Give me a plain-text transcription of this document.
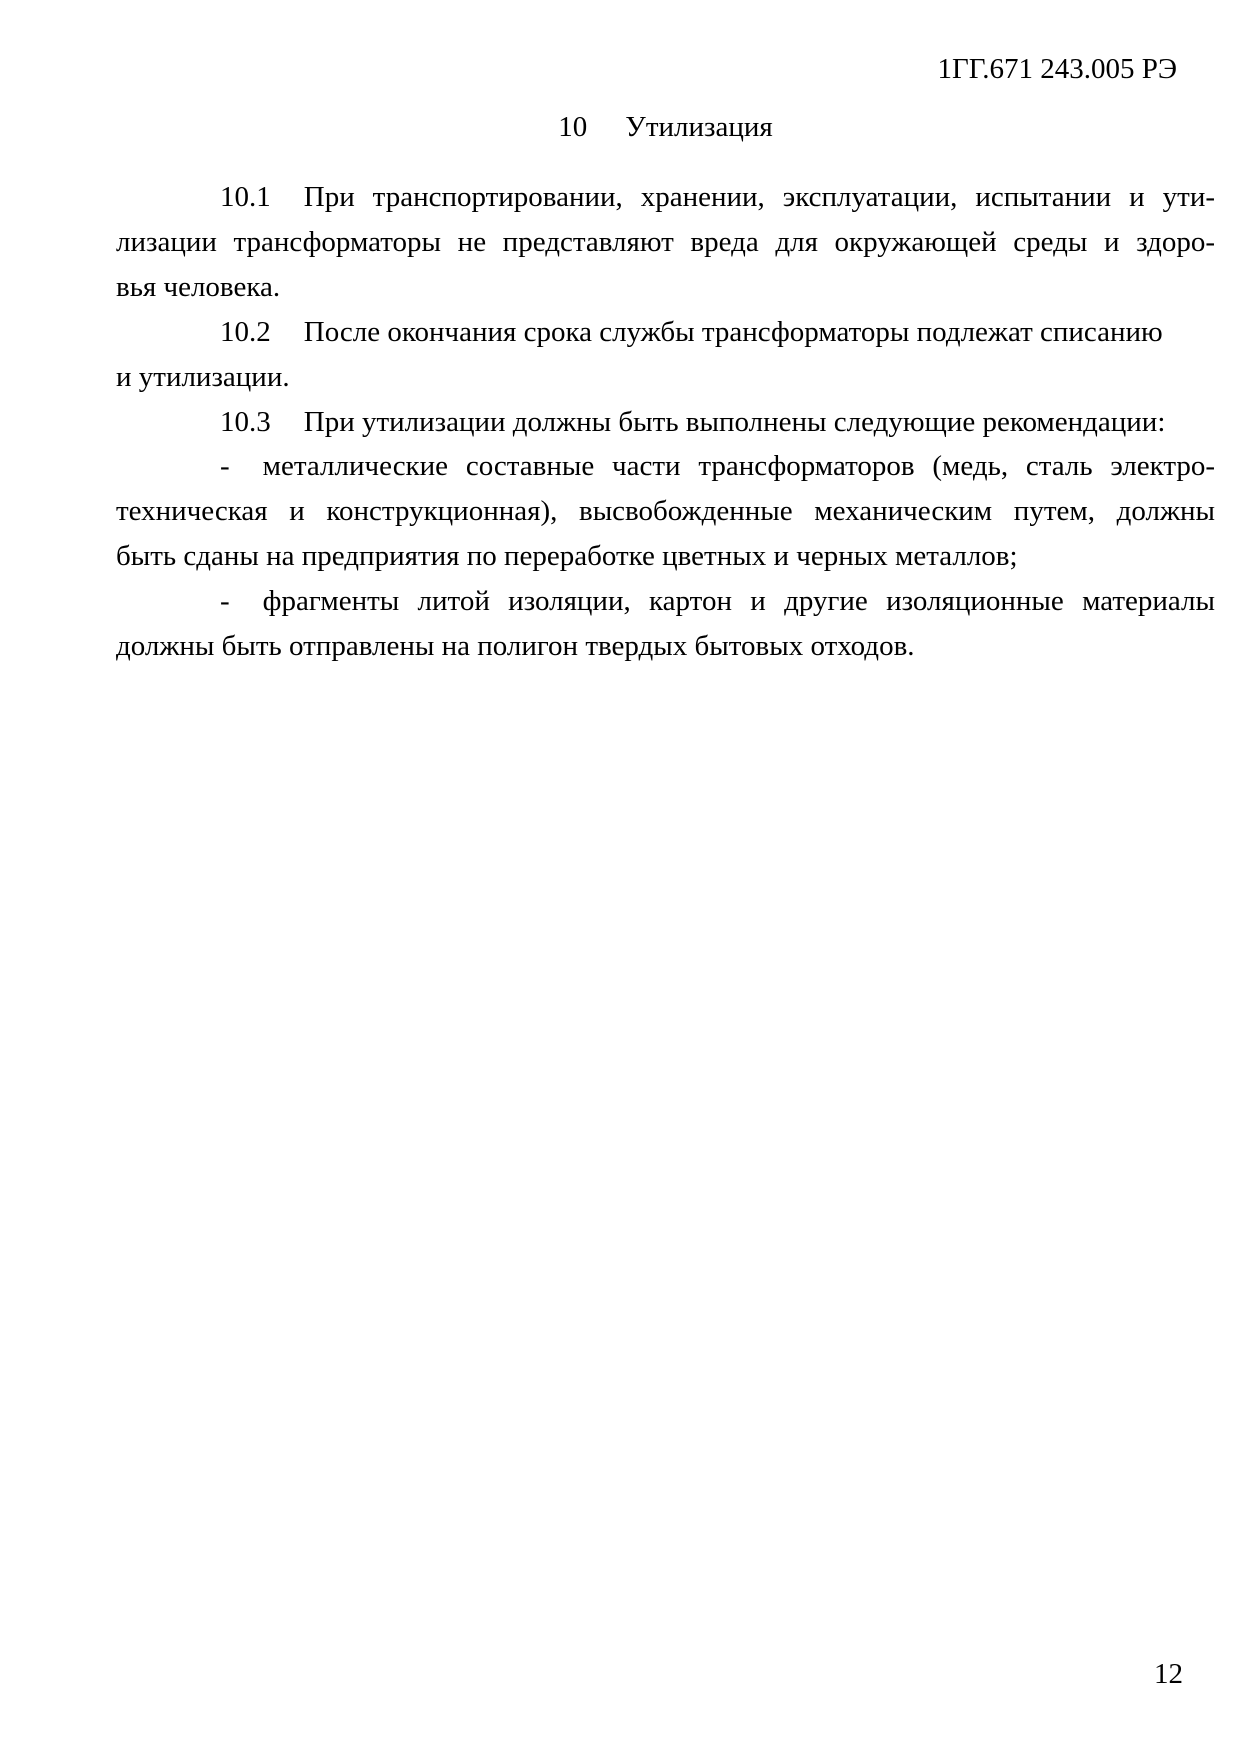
1ГГ.671 243.005 РЭ
10 Утилизация
10.1 При транспортировании, хранении, эксплуатации, испытании и ути-
лизации трансформаторы не представляют вреда для окружающей среды и здоро-
вья человека.
10.2 После окончания срока службы трансформаторы подлежат списанию
и утилизации.
10.3 При утилизации должны быть выполнены следующие рекомендации:
- металлические составные части трансформаторов (медь, сталь электро-
техническая и конструкционная), высвобожденные механическим путем, должны
быть сданы на предприятия по переработке цветных и черных металлов;
- фрагменты литой изоляции, картон и другие изоляционные материалы
должны быть отправлены на полигон твердых бытовых отходов.
12
